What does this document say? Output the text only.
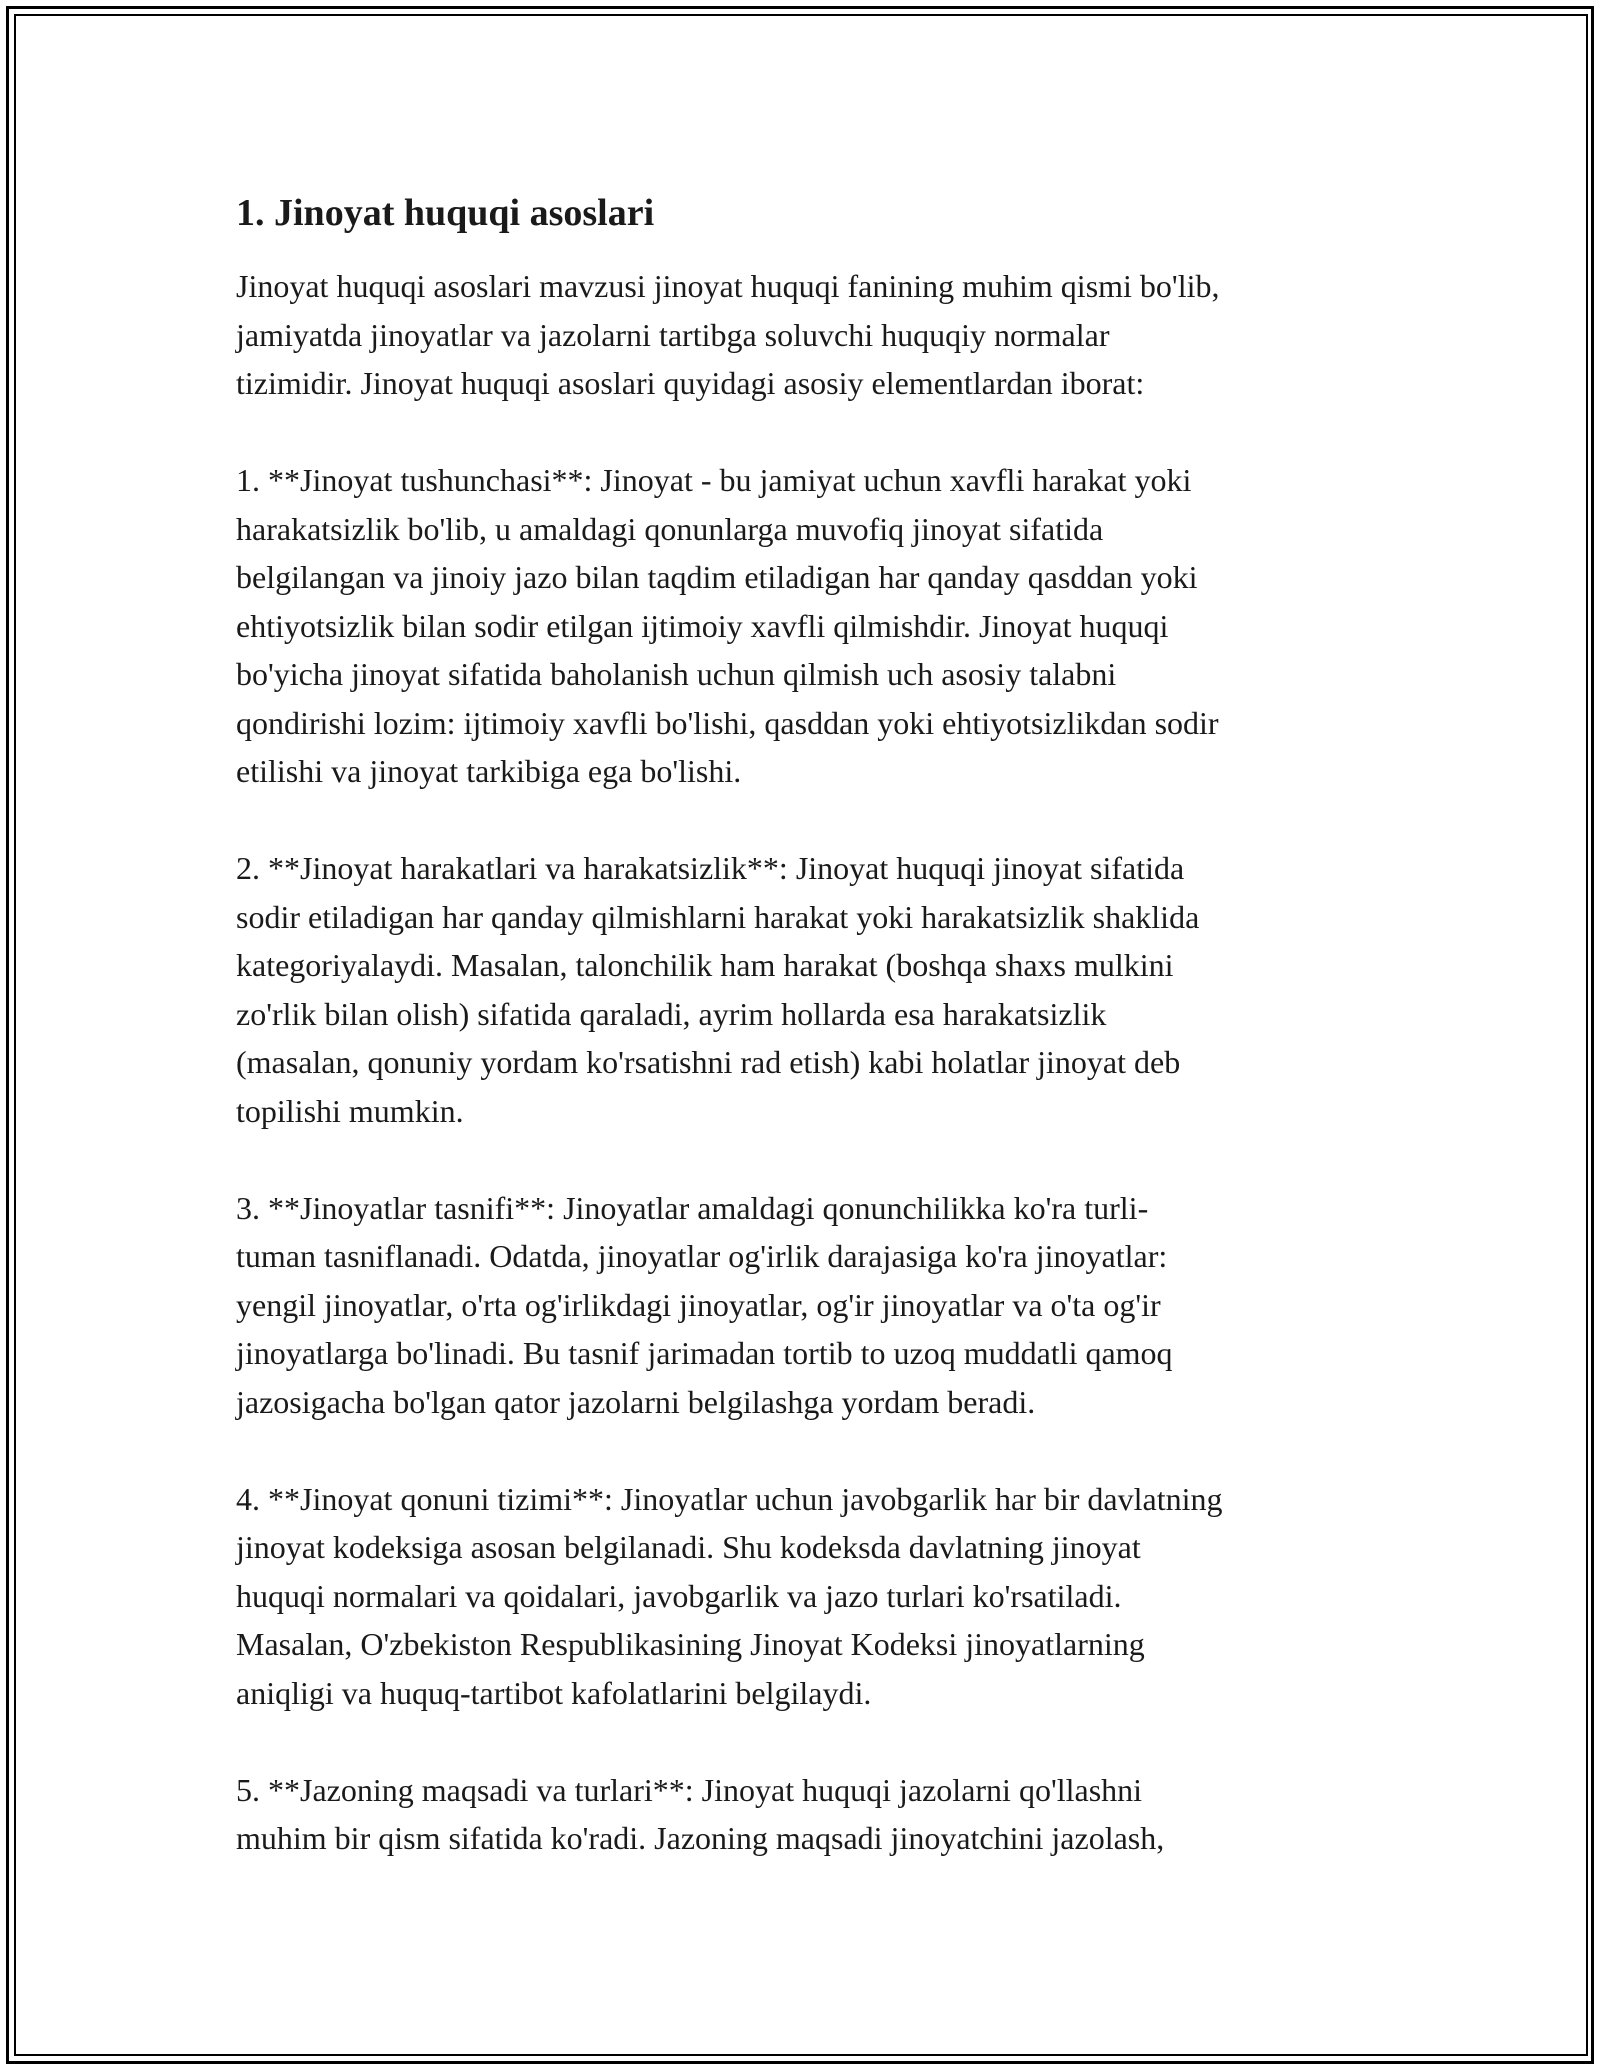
1. Jinoyat huquqi asoslari

Jinoyat huquqi asoslari mavzusi jinoyat huquqi fanining muhim qismi bo'lib,
jamiyatda jinoyatlar va jazolarni tartibga soluvchi huquqiy normalar
tizimidir. Jinoyat huquqi asoslari quyidagi asosiy elementlardan iborat:

1. **Jinoyat tushunchasi**: Jinoyat - bu jamiyat uchun xavfli harakat yoki
harakatsizlik bo'lib, u amaldagi qonunlarga muvofiq jinoyat sifatida
belgilangan va jinoiy jazo bilan taqdim etiladigan har qanday qasddan yoki
ehtiyotsizlik bilan sodir etilgan ijtimoiy xavfli qilmishdir. Jinoyat huquqi
bo'yicha jinoyat sifatida baholanish uchun qilmish uch asosiy talabni
qondirishi lozim: ijtimoiy xavfli bo'lishi, qasddan yoki ehtiyotsizlikdan sodir
etilishi va jinoyat tarkibiga ega bo'lishi.

2. **Jinoyat harakatlari va harakatsizlik**: Jinoyat huquqi jinoyat sifatida
sodir etiladigan har qanday qilmishlarni harakat yoki harakatsizlik shaklida
kategoriyalaydi. Masalan, talonchilik ham harakat (boshqa shaxs mulkini
zo'rlik bilan olish) sifatida qaraladi, ayrim hollarda esa harakatsizlik
(masalan, qonuniy yordam ko'rsatishni rad etish) kabi holatlar jinoyat deb
topilishi mumkin.

3. **Jinoyatlar tasnifi**: Jinoyatlar amaldagi qonunchilikka ko'ra turli-
tuman tasniflanadi. Odatda, jinoyatlar og'irlik darajasiga ko'ra jinoyatlar:
yengil jinoyatlar, o'rta og'irlikdagi jinoyatlar, og'ir jinoyatlar va o'ta og'ir
jinoyatlarga bo'linadi. Bu tasnif jarimadan tortib to uzoq muddatli qamoq
jazosigacha bo'lgan qator jazolarni belgilashga yordam beradi.

4. **Jinoyat qonuni tizimi**: Jinoyatlar uchun javobgarlik har bir davlatning
jinoyat kodeksiga asosan belgilanadi. Shu kodeksda davlatning jinoyat
huquqi normalari va qoidalari, javobgarlik va jazo turlari ko'rsatiladi.
Masalan, O'zbekiston Respublikasining Jinoyat Kodeksi jinoyatlarning
aniqligi va huquq-tartibot kafolatlarini belgilaydi.

5. **Jazoning maqsadi va turlari**: Jinoyat huquqi jazolarni qo'llashni
muhim bir qism sifatida ko'radi. Jazoning maqsadi jinoyatchini jazolash,
